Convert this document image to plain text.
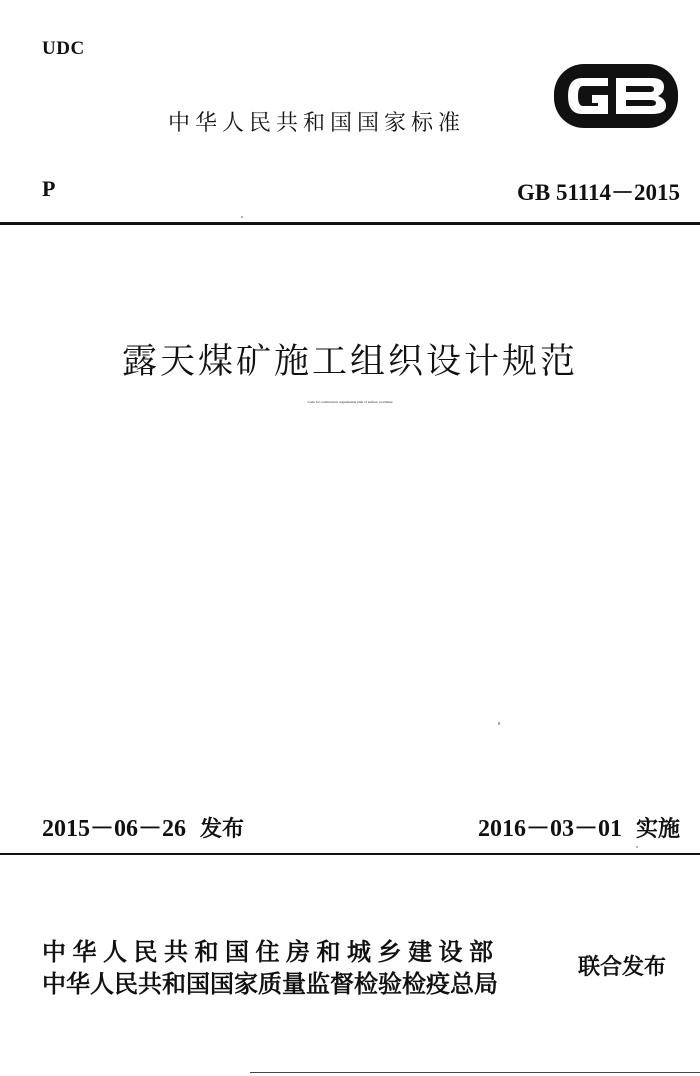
UDC
中华人民共和国国家标准
P	GB 51114－2015
露天煤矿施工组织设计规范
Code for construction organization plan of surface coal mine
2015－06－26 发布	2016－03－01 实施
中华人民共和国住房和城乡建设部
中华人民共和国国家质量监督检验检疫总局
联合发布
